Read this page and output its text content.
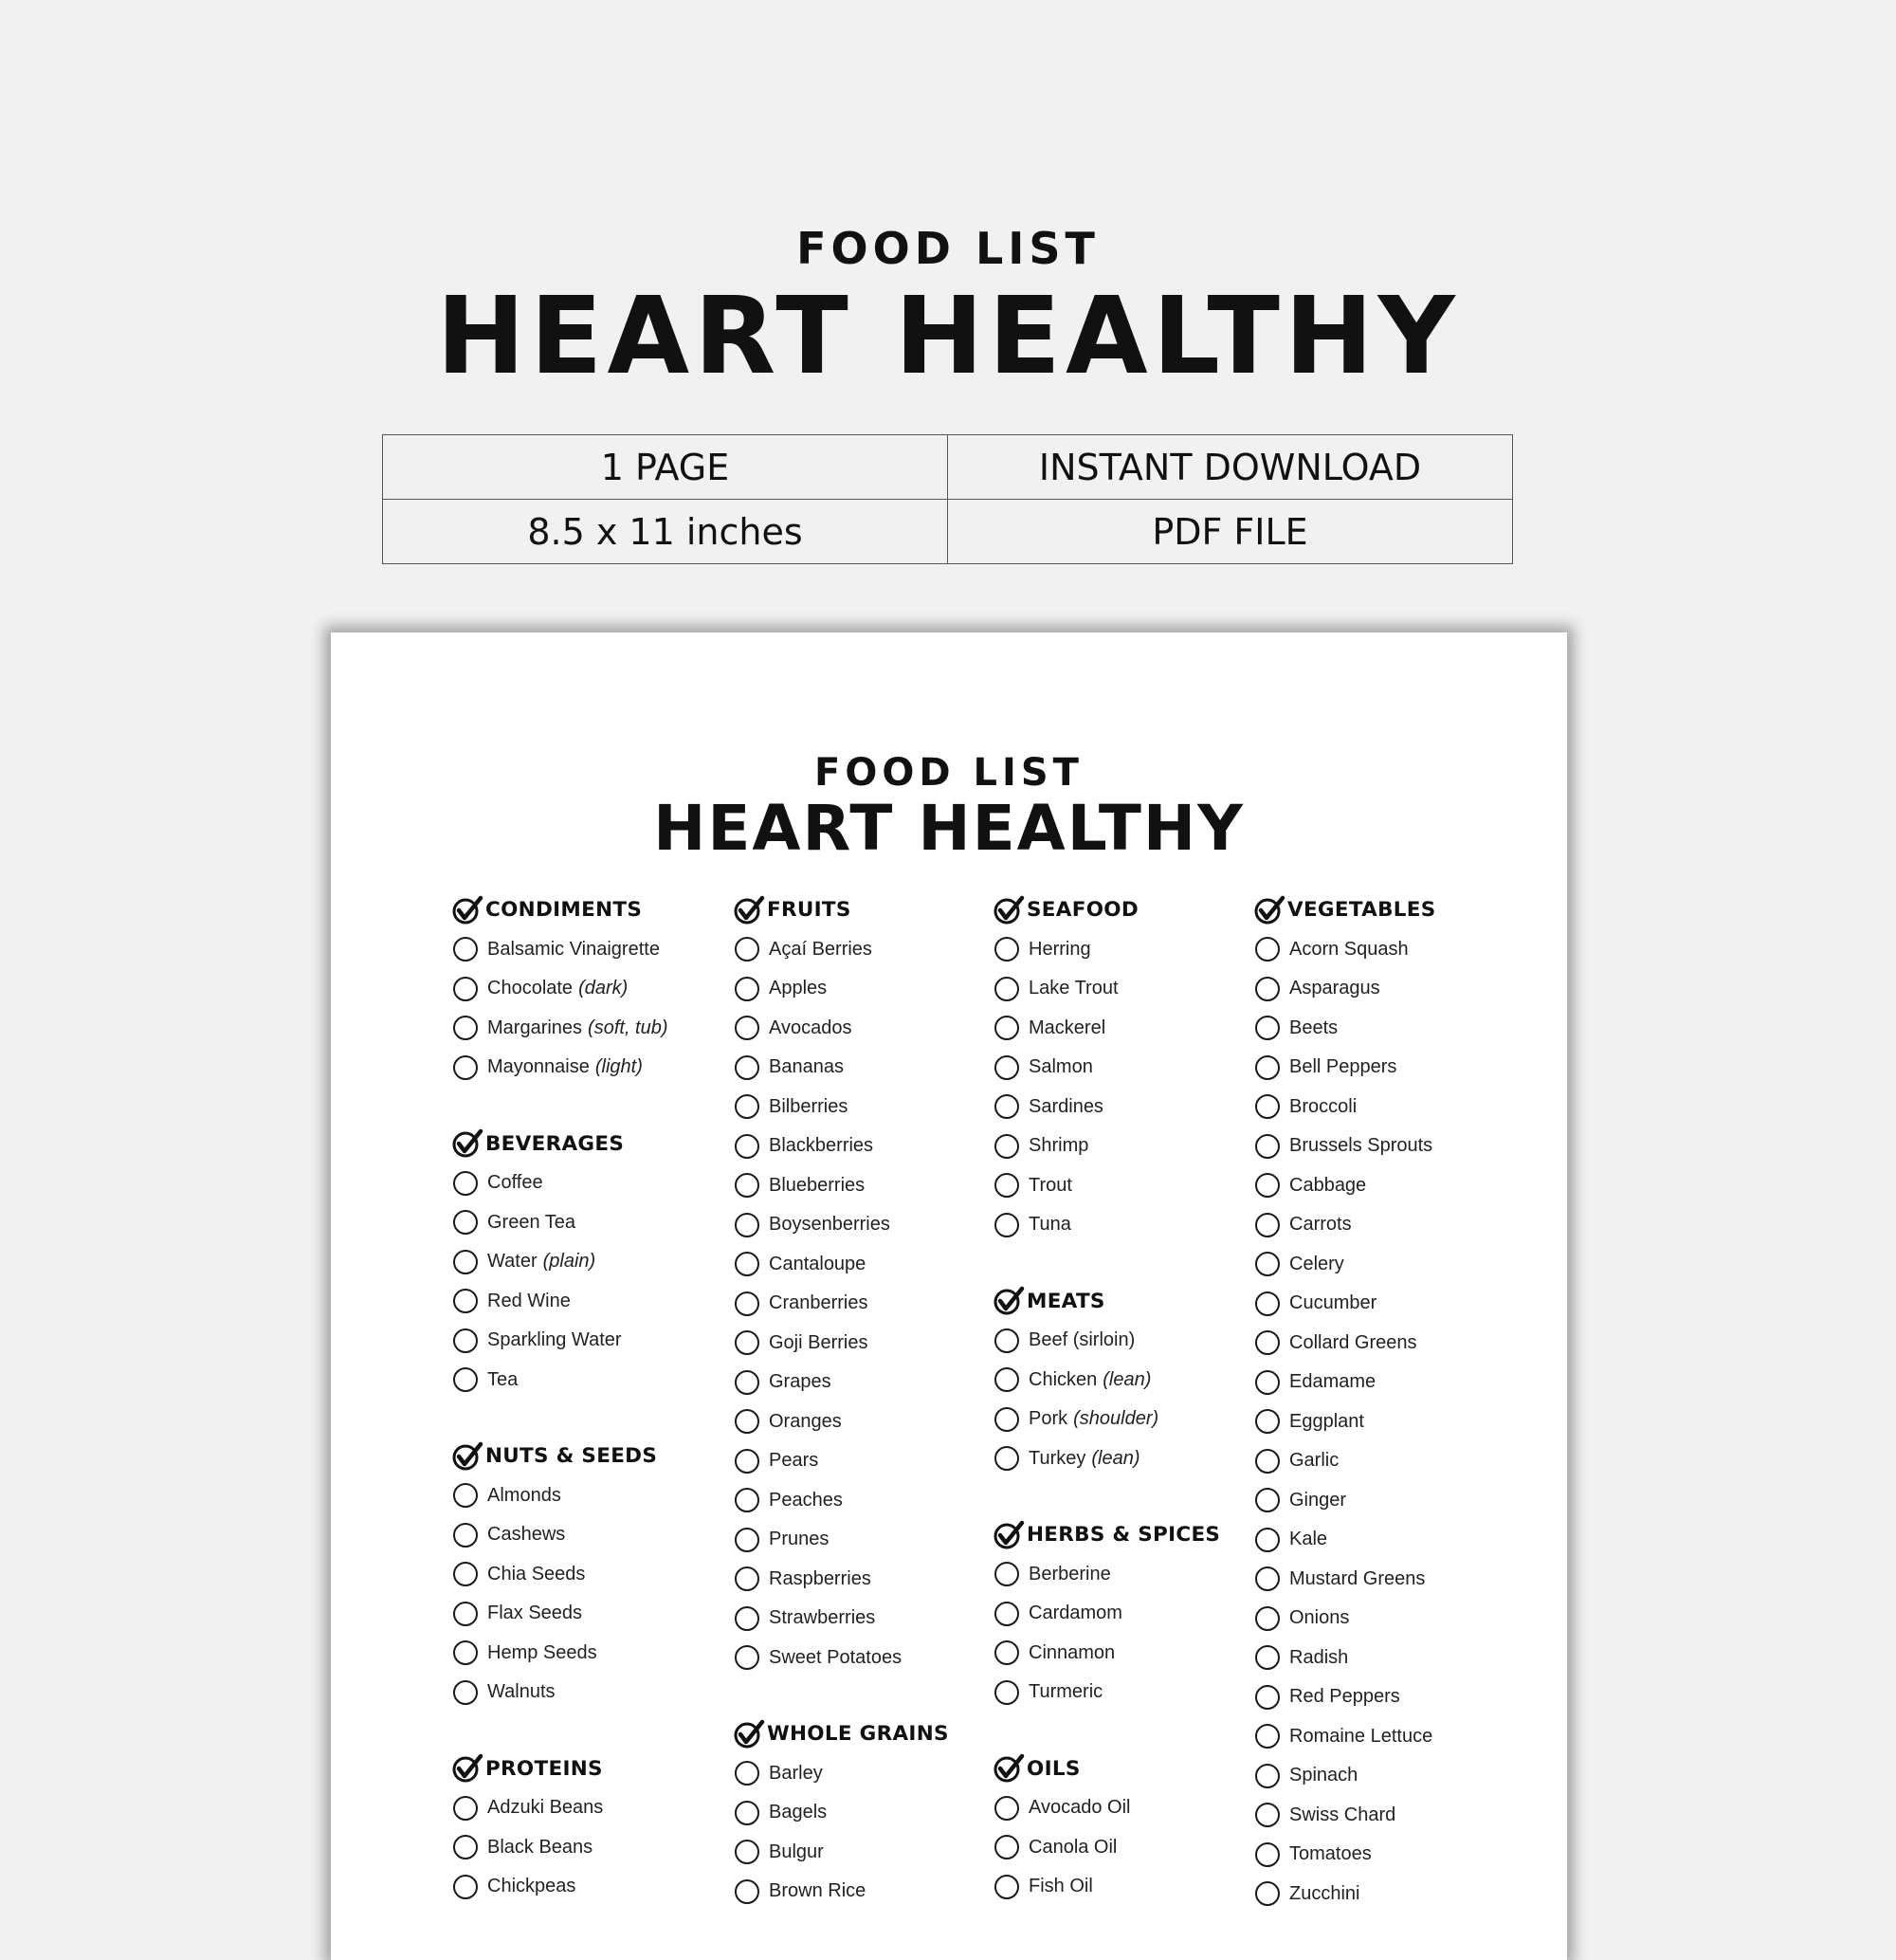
FOOD LIST
HEART HEALTHY
1 PAGE	INSTANT DOWNLOAD
8.5 x 11 inches	PDF FILE
FOOD LIST
HEART HEALTHY
CONDIMENTS
Balsamic Vinaigrette
Chocolate (dark)
Margarines (soft, tub)
Mayonnaise (light)
BEVERAGES
Coffee
Green Tea
Water (plain)
Red Wine
Sparkling Water
Tea
NUTS & SEEDS
Almonds
Cashews
Chia Seeds
Flax Seeds
Hemp Seeds
Walnuts
PROTEINS
Adzuki Beans
Black Beans
Chickpeas
FRUITS
Açaí Berries
Apples
Avocados
Bananas
Bilberries
Blackberries
Blueberries
Boysenberries
Cantaloupe
Cranberries
Goji Berries
Grapes
Oranges
Pears
Peaches
Prunes
Raspberries
Strawberries
Sweet Potatoes
WHOLE GRAINS
Barley
Bagels
Bulgur
Brown Rice
SEAFOOD
Herring
Lake Trout
Mackerel
Salmon
Sardines
Shrimp
Trout
Tuna
MEATS
Beef (sirloin)
Chicken (lean)
Pork (shoulder)
Turkey (lean)
HERBS & SPICES
Berberine
Cardamom
Cinnamon
Turmeric
OILS
Avocado Oil
Canola Oil
Fish Oil
VEGETABLES
Acorn Squash
Asparagus
Beets
Bell Peppers
Broccoli
Brussels Sprouts
Cabbage
Carrots
Celery
Cucumber
Collard Greens
Edamame
Eggplant
Garlic
Ginger
Kale
Mustard Greens
Onions
Radish
Red Peppers
Romaine Lettuce
Spinach
Swiss Chard
Tomatoes
Zucchini
